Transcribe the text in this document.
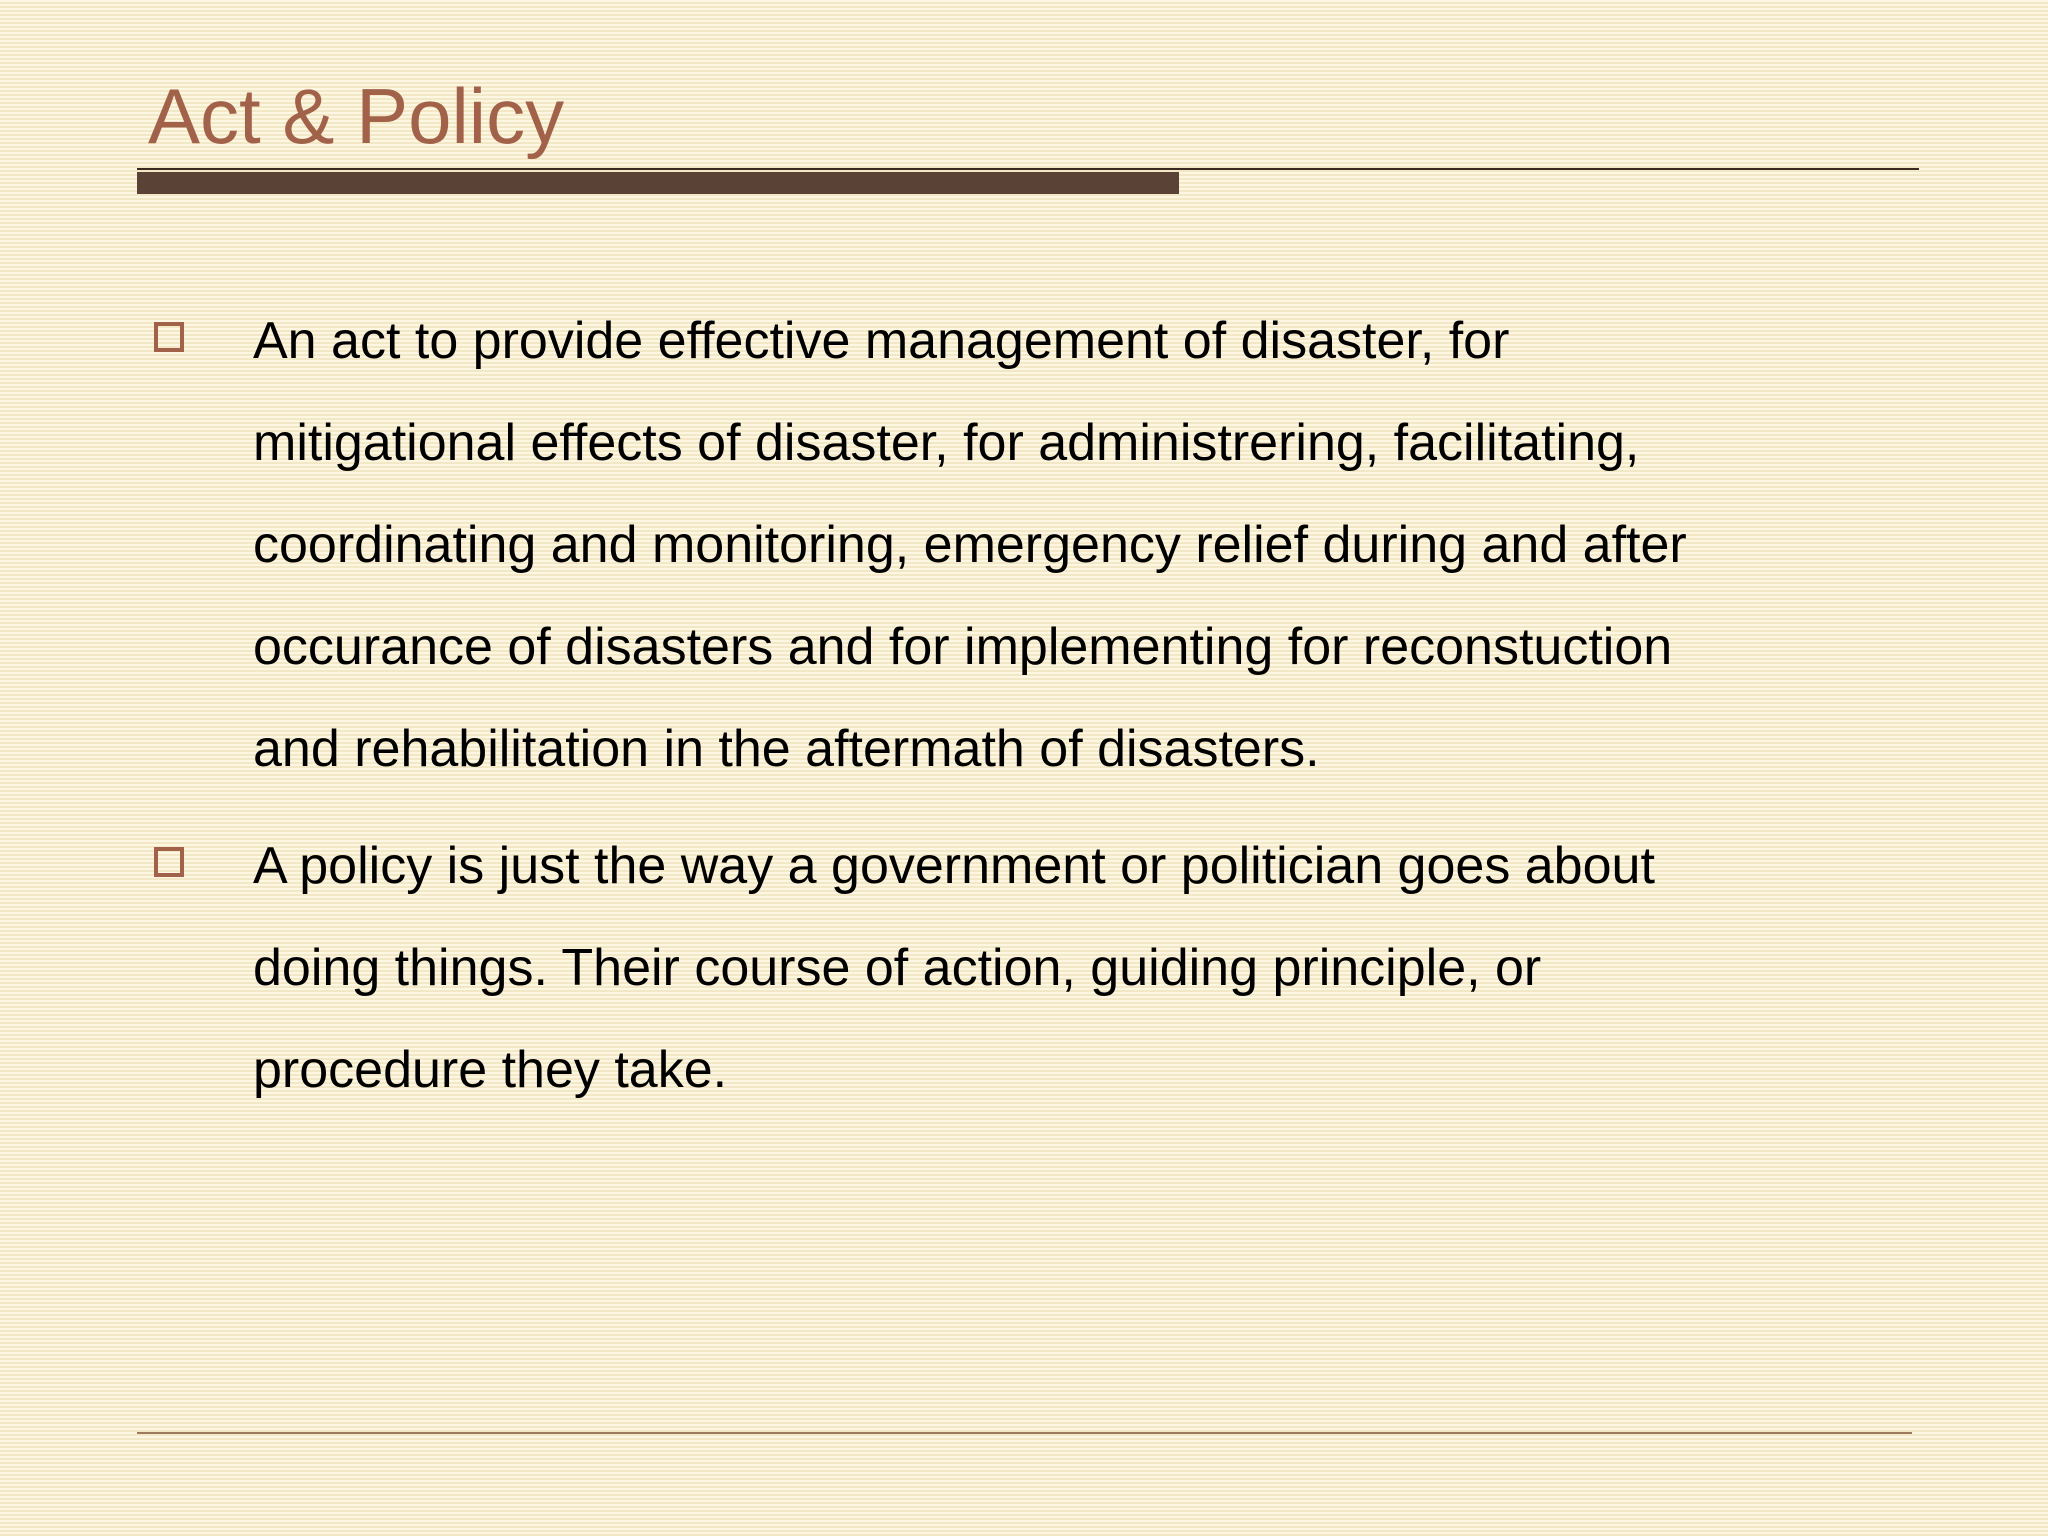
Act & Policy
An act to provide effective management of disaster, for
mitigational effects of disaster, for administrering, facilitating,
coordinating and monitoring, emergency relief during and after
occurance of disasters and for implementing for reconstuction
and rehabilitation in the aftermath of disasters.
A policy is just the way a government or politician goes about
doing things. Their course of action, guiding principle, or
procedure they take.
